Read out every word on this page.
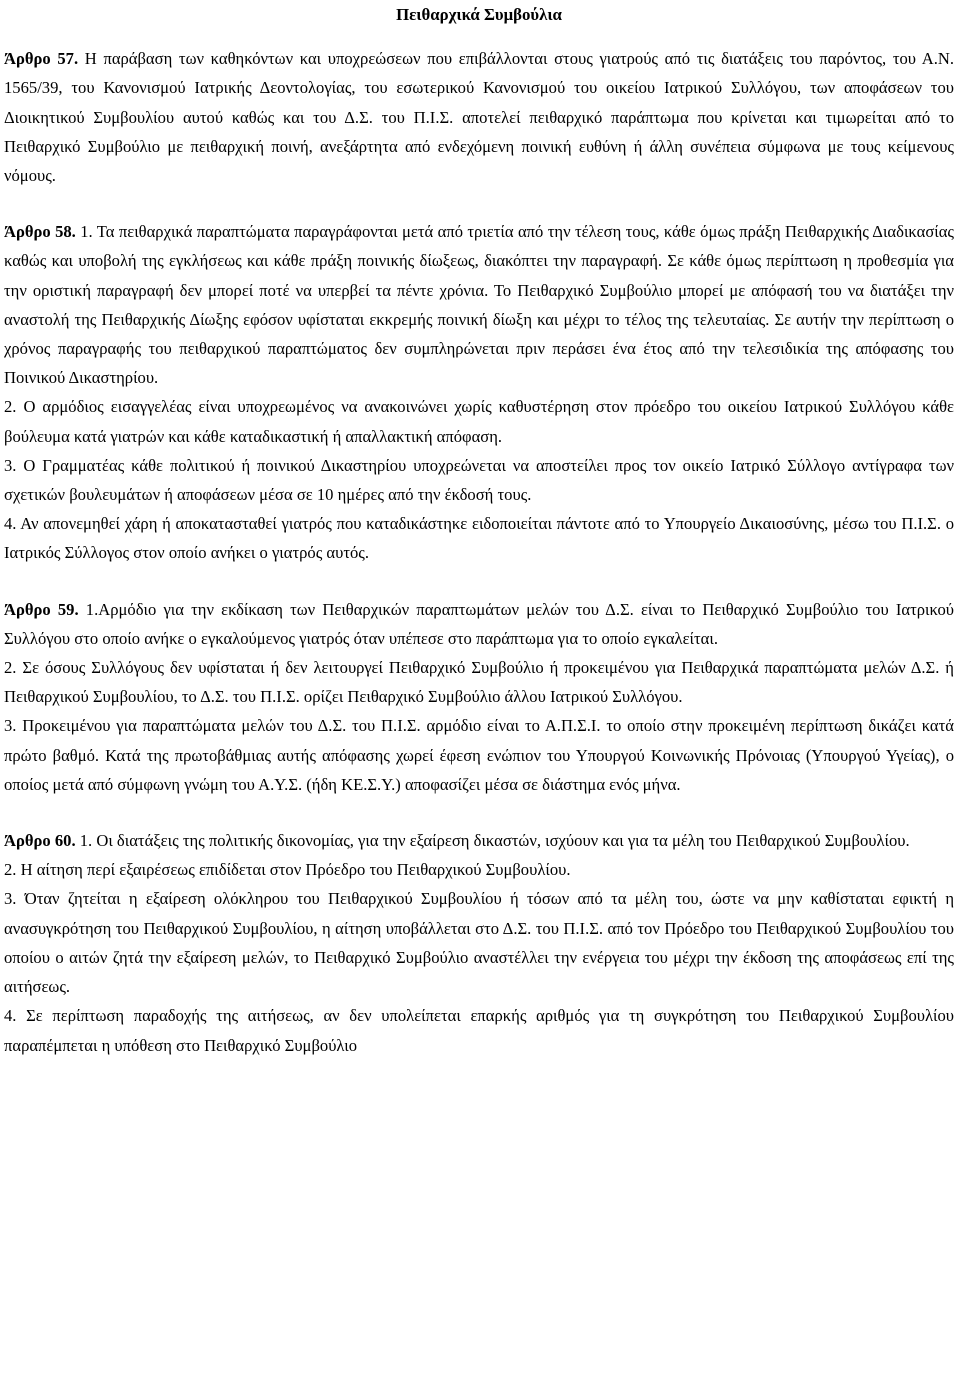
Πειθαρχικά Συμβούλια

Άρθρο 57. Η παράβαση των καθηκόντων και υποχρεώσεων που επιβάλλονται στους γιατρούς από τις διατάξεις του παρόντος, του Α.Ν. 1565/39, του Κανονισμού Ιατρικής Δεοντολογίας, του εσωτερικού Κανονισμού του οικείου Ιατρικού Συλλόγου, των αποφάσεων του Διοικητικού Συμβουλίου αυτού καθώς και του Δ.Σ. του Π.Ι.Σ. αποτελεί πειθαρχικό παράπτωμα που κρίνεται και τιμωρείται από το Πειθαρχικό Συμβούλιο με πειθαρχική ποινή, ανεξάρτητα από ενδεχόμενη ποινική ευθύνη ή άλλη συνέπεια σύμφωνα με τους κείμενους νόμους.

Άρθρο 58. 1. Τα πειθαρχικά παραπτώματα παραγράφονται μετά από τριετία από την τέλεση τους, κάθε όμως πράξη Πειθαρχικής Διαδικασίας καθώς και υποβολή της εγκλήσεως και κάθε πράξη ποινικής δίωξεως, διακόπτει την παραγραφή. Σε κάθε όμως περίπτωση η προθεσμία για την οριστική παραγραφή δεν μπορεί ποτέ να υπερβεί τα πέντε χρόνια. Το Πειθαρχικό Συμβούλιο μπορεί με απόφασή του να διατάξει την αναστολή της Πειθαρχικής Δίωξης εφόσον υφίσταται εκκρεμής ποινική δίωξη και μέχρι το τέλος της τελευταίας. Σε αυτήν την περίπτωση ο χρόνος παραγραφής του πειθαρχικού παραπτώματος δεν συμπληρώνεται πριν περάσει ένα έτος από την τελεσιδικία της απόφασης του Ποινικού Δικαστηρίου.

2. Ο αρμόδιος εισαγγελέας είναι υποχρεωμένος να ανακοινώνει χωρίς καθυστέρηση στον πρόεδρο του οικείου Ιατρικού Συλλόγου κάθε βούλευμα κατά γιατρών και κάθε καταδικαστική ή απαλλακτική απόφαση.

3. Ο Γραμματέας κάθε πολιτικού ή ποινικού Δικαστηρίου υποχρεώνεται να αποστείλει προς τον οικείο Ιατρικό Σύλλογο αντίγραφα των σχετικών βουλευμάτων ή αποφάσεων μέσα σε 10 ημέρες από την έκδοσή τους.

4. Αν απονεμηθεί χάρη ή αποκατασταθεί γιατρός που καταδικάστηκε ειδοποιείται πάντοτε από το Υπουργείο Δικαιοσύνης, μέσω του Π.Ι.Σ. ο Ιατρικός Σύλλογος στον οποίο ανήκει ο γιατρός αυτός.

Άρθρο 59. 1.Αρμόδιο για την εκδίκαση των Πειθαρχικών παραπτωμάτων μελών του Δ.Σ. είναι το Πειθαρχικό Συμβούλιο του Ιατρικού Συλλόγου στο οποίο ανήκε ο εγκαλούμενος γιατρός όταν υπέπεσε στο παράπτωμα για το οποίο εγκαλείται.

2. Σε όσους Συλλόγους δεν υφίσταται ή δεν λειτουργεί Πειθαρχικό Συμβούλιο ή προκειμένου για Πειθαρχικά παραπτώματα μελών Δ.Σ. ή Πειθαρχικού Συμβουλίου, το Δ.Σ. του Π.Ι.Σ. ορίζει Πειθαρχικό Συμβούλιο άλλου Ιατρικού Συλλόγου.

3. Προκειμένου για παραπτώματα μελών του Δ.Σ. του Π.Ι.Σ. αρμόδιο είναι το Α.Π.Σ.Ι. το οποίο στην προκειμένη περίπτωση δικάζει κατά πρώτο βαθμό. Κατά της πρωτοβάθμιας αυτής απόφασης χωρεί έφεση ενώπιον του Υπουργού Κοινωνικής Πρόνοιας (Υπουργού Υγείας), ο οποίος μετά από σύμφωνη γνώμη του Α.Υ.Σ. (ήδη ΚΕ.Σ.Υ.) αποφασίζει μέσα σε διάστημα ενός μήνα.

Άρθρο 60. 1. Οι διατάξεις της πολιτικής δικονομίας, για την εξαίρεση δικαστών, ισχύουν και για τα μέλη του Πειθαρχικού Συμβουλίου.

2. Η αίτηση περί εξαιρέσεως επιδίδεται στον Πρόεδρο του Πειθαρχικού Συμβουλίου.

3. Όταν ζητείται η εξαίρεση ολόκληρου του Πειθαρχικού Συμβουλίου ή τόσων από τα μέλη του, ώστε να μην καθίσταται εφικτή η ανασυγκρότηση του Πειθαρχικού Συμβουλίου, η αίτηση υποβάλλεται στο Δ.Σ. του Π.Ι.Σ. από τον Πρόεδρο του Πειθαρχικού Συμβουλίου του οποίου ο αιτών ζητά την εξαίρεση μελών, το Πειθαρχικό Συμβούλιο αναστέλλει την ενέργεια του μέχρι την έκδοση της αποφάσεως επί της αιτήσεως.

4. Σε περίπτωση παραδοχής της αιτήσεως, αν δεν υπολείπεται επαρκής αριθμός για τη συγκρότηση του Πειθαρχικού Συμβουλίου παραπέμπεται η υπόθεση στο Πειθαρχικό Συμβούλιο
